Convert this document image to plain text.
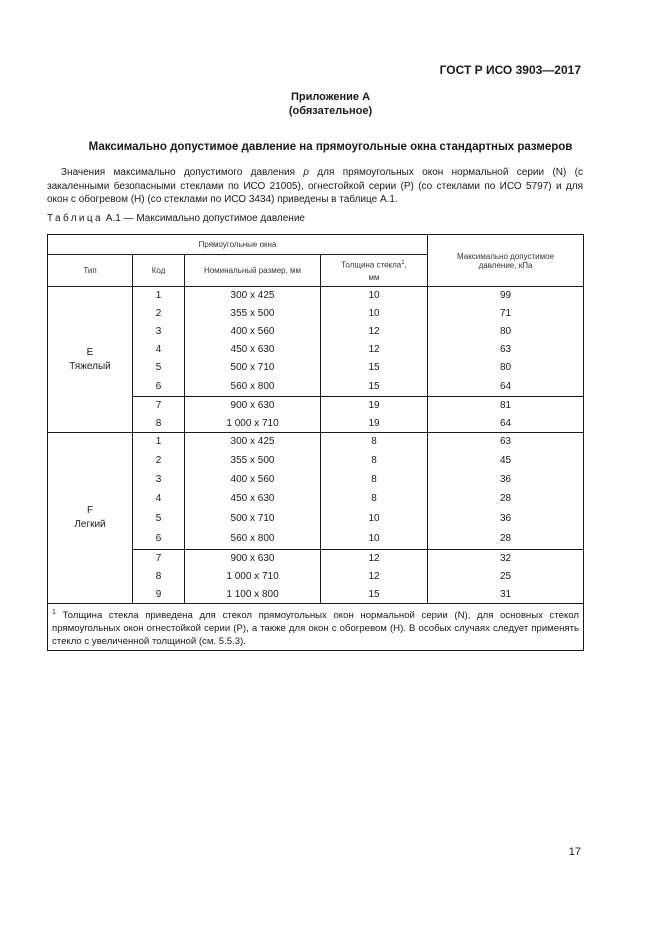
ГОСТ Р ИСО 3903—2017
Приложение А
(обязательное)
Максимально допустимое давление на прямоугольные окна стандартных размеров
Значения максимально допустимого давления p для прямоугольных окон нормальной серии (N) (с закаленными безопасными стеклами по ИСО 21005), огнестойкой серии (P) (со стеклами по ИСО 5797) и для окон с обогревом (H) (со стеклами по ИСО 3434) приведены в таблице А.1.
Таблица А.1 — Максимально допустимое давление
Прямоугольные окна				Максимально допустимое давление, кПа
Тип	Код	Номинальный размер, мм	Толщина стекла$^1$,
мм	

E
Тяжелый	1	300 х 425	10	99
	2	355 х 500	10	71
	3	400 х 560	12	80
	4	450 х 630	12	63
	5	500 х 710	15	80
	6	560 х 800	15	64
	7	900 х 630	19	81
	8	1 000 х 710	19	64

F
Легкий	1	300 х 425	8	63
	2	355 х 500	8	45
	3	400 х 560	8	36
	4	450 х 630	8	28
	5	500 х 710	10	36
	6	560 х 800	10	28
	7	900 х 630	12	32
	8	1 000 х 710	12	25
	9	1 100 х 800	15	31
$^1$ Толщина стекла приведена для стекол прямоугольных окон нормальной серии (N), для основных стекол прямоугольных окон огнестойкой серии (P), а также для окон с обогревом (H). В особых случаях следует применять стекло с увеличенной толщиной (см. 5.5.3).				
17
